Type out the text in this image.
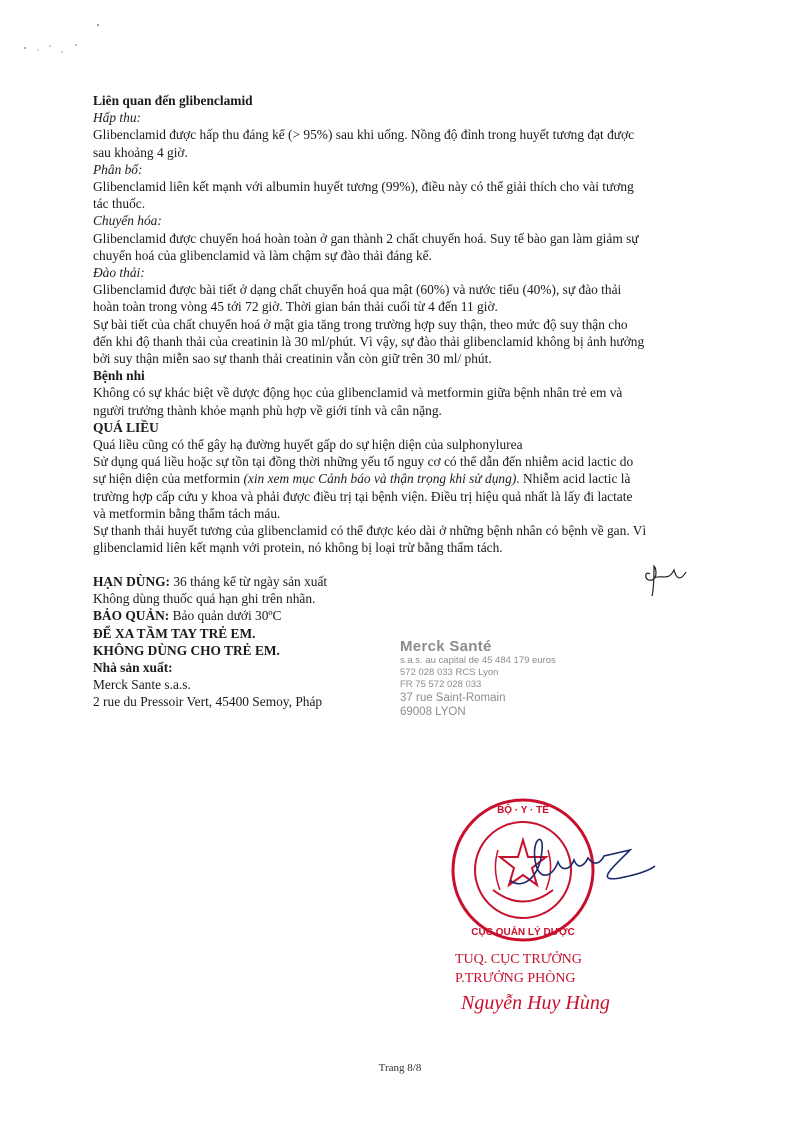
Liên quan đến glibenclamid

Hấp thu:

Glibenclamid được hấp thu đáng kể (> 95%) sau khi uống. Nồng độ đỉnh trong huyết tương đạt được

sau khoảng 4 giờ.

Phân bố:

Glibenclamid liên kết mạnh với albumin huyết tương (99%), điều này có thể giải thích cho vài tương

tác thuốc.

Chuyển hóa:

Glibenclamid được chuyển hoá hoàn toàn ở gan thành 2 chất chuyển hoá. Suy tế bào gan làm giảm sự

chuyển hoá của glibenclamid và làm chậm sự đào thải đáng kể.

Đào thải:

Glibenclamid được bài tiết ở dạng chất chuyển hoá qua mật (60%) và nước tiểu (40%), sự đào thải

hoàn toàn trong vòng 45 tới 72 giờ. Thời gian bán thải cuối từ 4 đến 11 giờ.

Sự bài tiết của chất chuyển hoá ở mật gia tăng trong trường hợp suy thận, theo mức độ suy thận cho

đến khi độ thanh thải của creatinin là 30 ml/phút. Vì vậy, sự đào thải glibenclamid không bị ảnh hưởng

bởi suy thận miễn sao sự thanh thải creatinin vẫn còn giữ trên 30 ml/ phút.

Bệnh nhi

Không có sự khác biệt về dược động học của glibenclamid và metformin giữa bệnh nhân trẻ em và

người trưởng thành khỏe mạnh phù hợp về giới tính và cân nặng.

QUÁ LIỀU

Quá liều cũng có thể gây hạ đường huyết gấp do sự hiện diện của sulphonylurea

Sử dụng quá liều hoặc sự tồn tại đồng thời những yếu tố nguy cơ có thể dẫn đến nhiễm acid lactic do

sự hiện diện của metformin (xin xem mục Cảnh báo và thận trọng khi sử dụng). Nhiễm acid lactic là

trường hợp cấp cứu y khoa và phải được điều trị tại bệnh viện. Điều trị hiệu quả nhất là lấy đi lactate

và metformin bằng thẩm tách máu.

Sự thanh thải huyết tương của glibenclamid có thể được kéo dài ở những bệnh nhân có bệnh về gan. Vì

glibenclamid liên kết mạnh với protein, nó không bị loại trừ bằng thẩm tách.

HẠN DÙNG: 36 tháng kể từ ngày sản xuất

Không dùng thuốc quá hạn ghi trên nhãn.

BẢO QUẢN: Bảo quản dưới 30ºC

ĐỂ XA TẦM TAY TRẺ EM.

KHÔNG DÙNG CHO TRẺ EM.

Nhà sản xuất:

Merck Sante s.a.s.

2 rue du Pressoir Vert, 45400 Semoy, Pháp

Merck Santé
s.a.s. au capital de 45 484 179 euros
572 028 033 RCS Lyon
FR 75 572 028 033
37 rue Saint-Romain
69008 LYON
BỘ · Y · TẾ
CỤC QUẢN LÝ DƯỢC
TUQ. CỤC TRƯỞNG
P.TRƯỞNG PHÒNG
Nguyễn Huy Hùng
Trang 8/8
